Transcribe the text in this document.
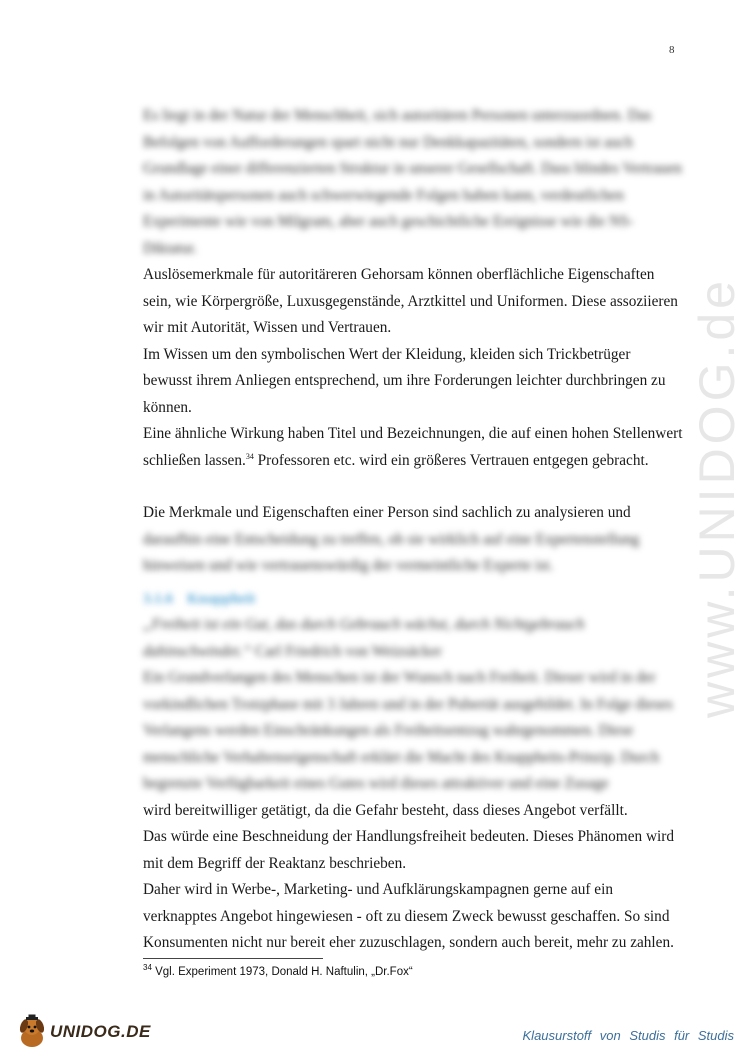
8
www.UNIDOG.de

Es liegt in der Natur der Menschheit, sich autoritären Personen unterzuordnen. Das Befolgen von Aufforderungen spart nicht nur Denkkapazitäten, sondern ist auch Grundlage einer differenzierten Struktur in unserer Gesellschaft. Dass blindes Vertrauen in Autoritätspersonen auch schwerwiegende Folgen haben kann, verdeutlichen Experimente wie von Milgram, aber auch geschichtliche Ereignisse wie die NS-Diktatur.

Auslösemerkmale für autoritäreren Gehorsam können oberflächliche Eigenschaften sein, wie Körpergröße, Luxusgegenstände, Arztkittel und Uniformen. Diese assoziieren wir mit Autorität, Wissen und Vertrauen.

Im Wissen um den symbolischen Wert der Kleidung, kleiden sich Trickbetrüger bewusst ihrem Anliegen entsprechend, um ihre Forderungen leichter durchbringen zu können.

Eine ähnliche Wirkung haben Titel und Bezeichnungen, die auf einen hohen Stellenwert schließen lassen.$^{34}$ Professoren etc. wird ein größeres Vertrauen entgegen gebracht.

Die Merkmale und Eigenschaften einer Person sind sachlich zu analysieren und

daraufhin eine Entscheidung zu treffen, ob sie wirklich auf eine Expertenstellung hinweisen und wie vertrauenswürdig der vermeintliche Experte ist.

3.1.6 Knappheit

„Freiheit ist ein Gut, das durch Gebrauch wächst, durch Nichtgebrauch dahinschwindet.“ Carl Friedrich von Weizsäcker

Ein Grundverlangen des Menschen ist der Wunsch nach Freiheit. Dieser wird in der vorkindlichen Trotzphase mit 3 Jahren und in der Pubertät ausgebildet. In Folge dieses Verlangens werden Einschränkungen als Freiheitsentzug wahrgenommen. Diese menschliche Verhaltenseigenschaft erklärt die Macht des Knappheits-Prinzip. Durch begrenzte Verfügbarkeit eines Gutes wird dieses attraktiver und eine Zusage

wird bereitwilliger getätigt, da die Gefahr besteht, dass dieses Angebot verfällt.

Das würde eine Beschneidung der Handlungsfreiheit bedeuten. Dieses Phänomen wird mit dem Begriff der Reaktanz beschrieben.

Daher wird in Werbe-, Marketing- und Aufklärungskampagnen gerne auf ein verknapptes Angebot hingewiesen - oft zu diesem Zweck bewusst geschaffen. So sind Konsumenten nicht nur bereit eher zuzuschlagen, sondern auch bereit, mehr zu zahlen.

$^{34}$ Vgl. Experiment 1973, Donald H. Naftulin, „Dr.Fox“
UNIDOG.DE	Klausurstoff von Studis für Studis
